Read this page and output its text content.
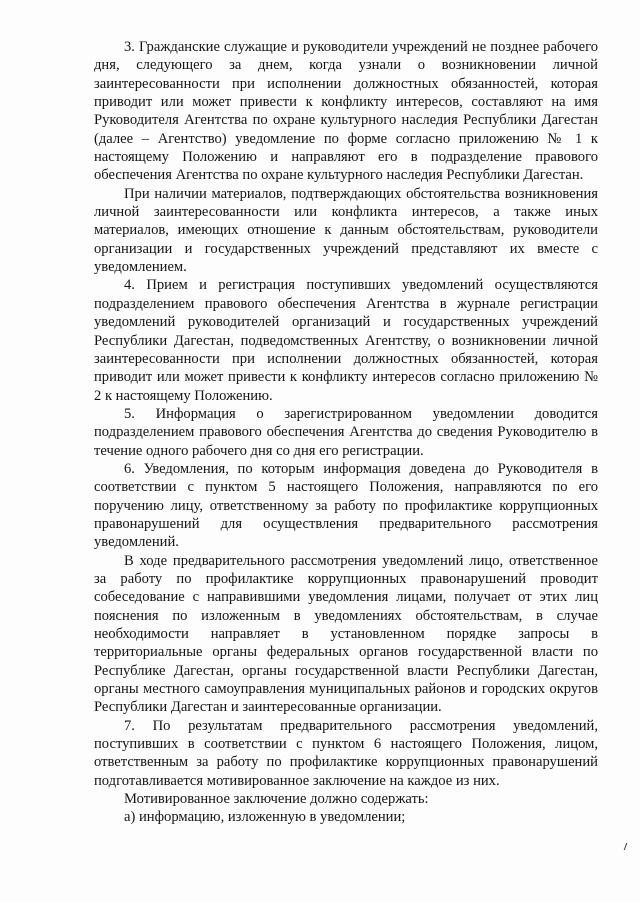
3. Гражданские служащие и руководители учреждений не позднее рабочего дня, следующего за днем, когда узнали о возникновении личной заинтересованности при исполнении должностных обязанностей, которая приводит или может привести к конфликту интересов, составляют на имя Руководителя Агентства по охране культурного наследия Республики Дагестан (далее – Агентство) уведомление по форме согласно приложению № 1 к настоящему Положению и направляют его в подразделение правового обеспечения Агентства по охране культурного наследия Республики Дагестан.

При наличии материалов, подтверждающих обстоятельства возникновения личной заинтересованности или конфликта интересов, а также иных материалов, имеющих отношение к данным обстоятельствам, руководители организации и государственных учреждений представляют их вместе с уведомлением.

4. Прием и регистрация поступивших уведомлений осуществляются подразделением правового обеспечения Агентства в журнале регистрации уведомлений руководителей организаций и государственных учреждений Республики Дагестан, подведомственных Агентству, о возникновении личной заинтересованности при исполнении должностных обязанностей, которая приводит или может привести к конфликту интересов согласно приложению № 2 к настоящему Положению.

5. Информация о зарегистрированном уведомлении доводится подразделением правового обеспечения Агентства до сведения Руководителю в течение одного рабочего дня со дня его регистрации.

6. Уведомления, по которым информация доведена до Руководителя в соответствии с пунктом 5 настоящего Положения, направляются по его поручению лицу, ответственному за работу по профилактике коррупционных правонарушений для осуществления предварительного рассмотрения уведомлений.

В ходе предварительного рассмотрения уведомлений лицо, ответственное за работу по профилактике коррупционных правонарушений проводит собеседование с направившими уведомления лицами, получает от этих лиц пояснения по изложенным в уведомлениях обстоятельствам, в случае необходимости направляет в установленном порядке запросы в территориальные органы федеральных органов государственной власти по Республике Дагестан, органы государственной власти Республики Дагестан, органы местного самоуправления муниципальных районов и городских округов Республики Дагестан и заинтересованные организации.

7. По результатам предварительного рассмотрения уведомлений, поступивших в соответствии с пунктом 6 настоящего Положения, лицом, ответственным за работу по профилактике коррупционных правонарушений подготавливается мотивированное заключение на каждое из них.

Мотивированное заключение должно содержать:

а) информацию, изложенную в уведомлении;
